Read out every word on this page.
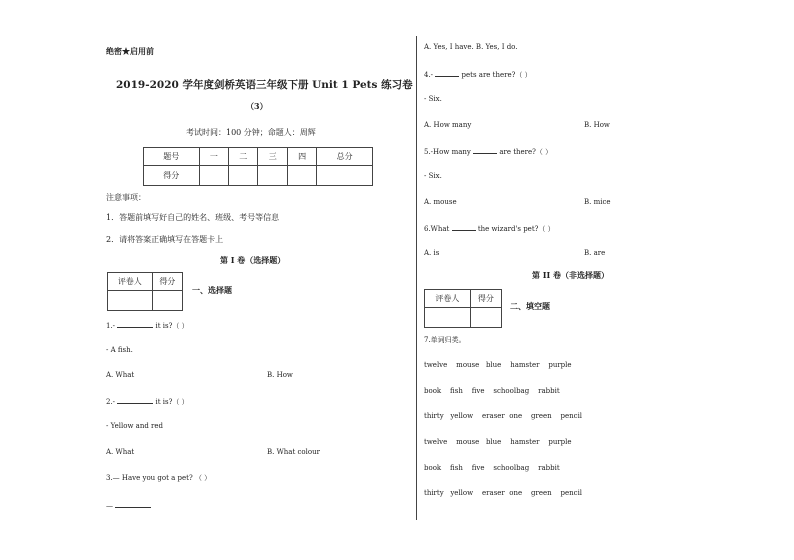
绝密★启用前
2019-2020 学年度剑桥英语三年级下册 Unit 1 Pets 练习卷
（3）
考试时间：100 分钟；命题人：周辉
题号	一	二	三	四	总分
得分					
注意事项：
1．答题前填写好自己的姓名、班级、考号等信息
2．请将答案正确填写在答题卡上
第 I 卷（选择题）
评卷人	得分

一、选择题
1.-	it is?（ ）
- A fish.
A. What	B. How
2.-	it is?（ ）
- Yellow and red
A. What	B. What colour
3.— Have you got a pet? （ ）
—
A. Yes, I have. B. Yes, I do.
4.-	pets are there?（ ）
- Six.
A. How many	B. How
5.-How many	are there?（ ）
- Six.
A. mouse	B. mice
6.What	the wizard's pet?（ ）
A. is	B. are
第 II 卷（非选择题）
评卷人	得分

二、填空题
7.单词归类。
twelve    mouse   blue    hamster    purple
book    fish    five    schoolbag    rabbit
thirty   yellow    eraser  one    green    pencil
twelve    mouse   blue    hamster    purple
book    fish    five    schoolbag    rabbit
thirty   yellow    eraser  one    green    pencil
